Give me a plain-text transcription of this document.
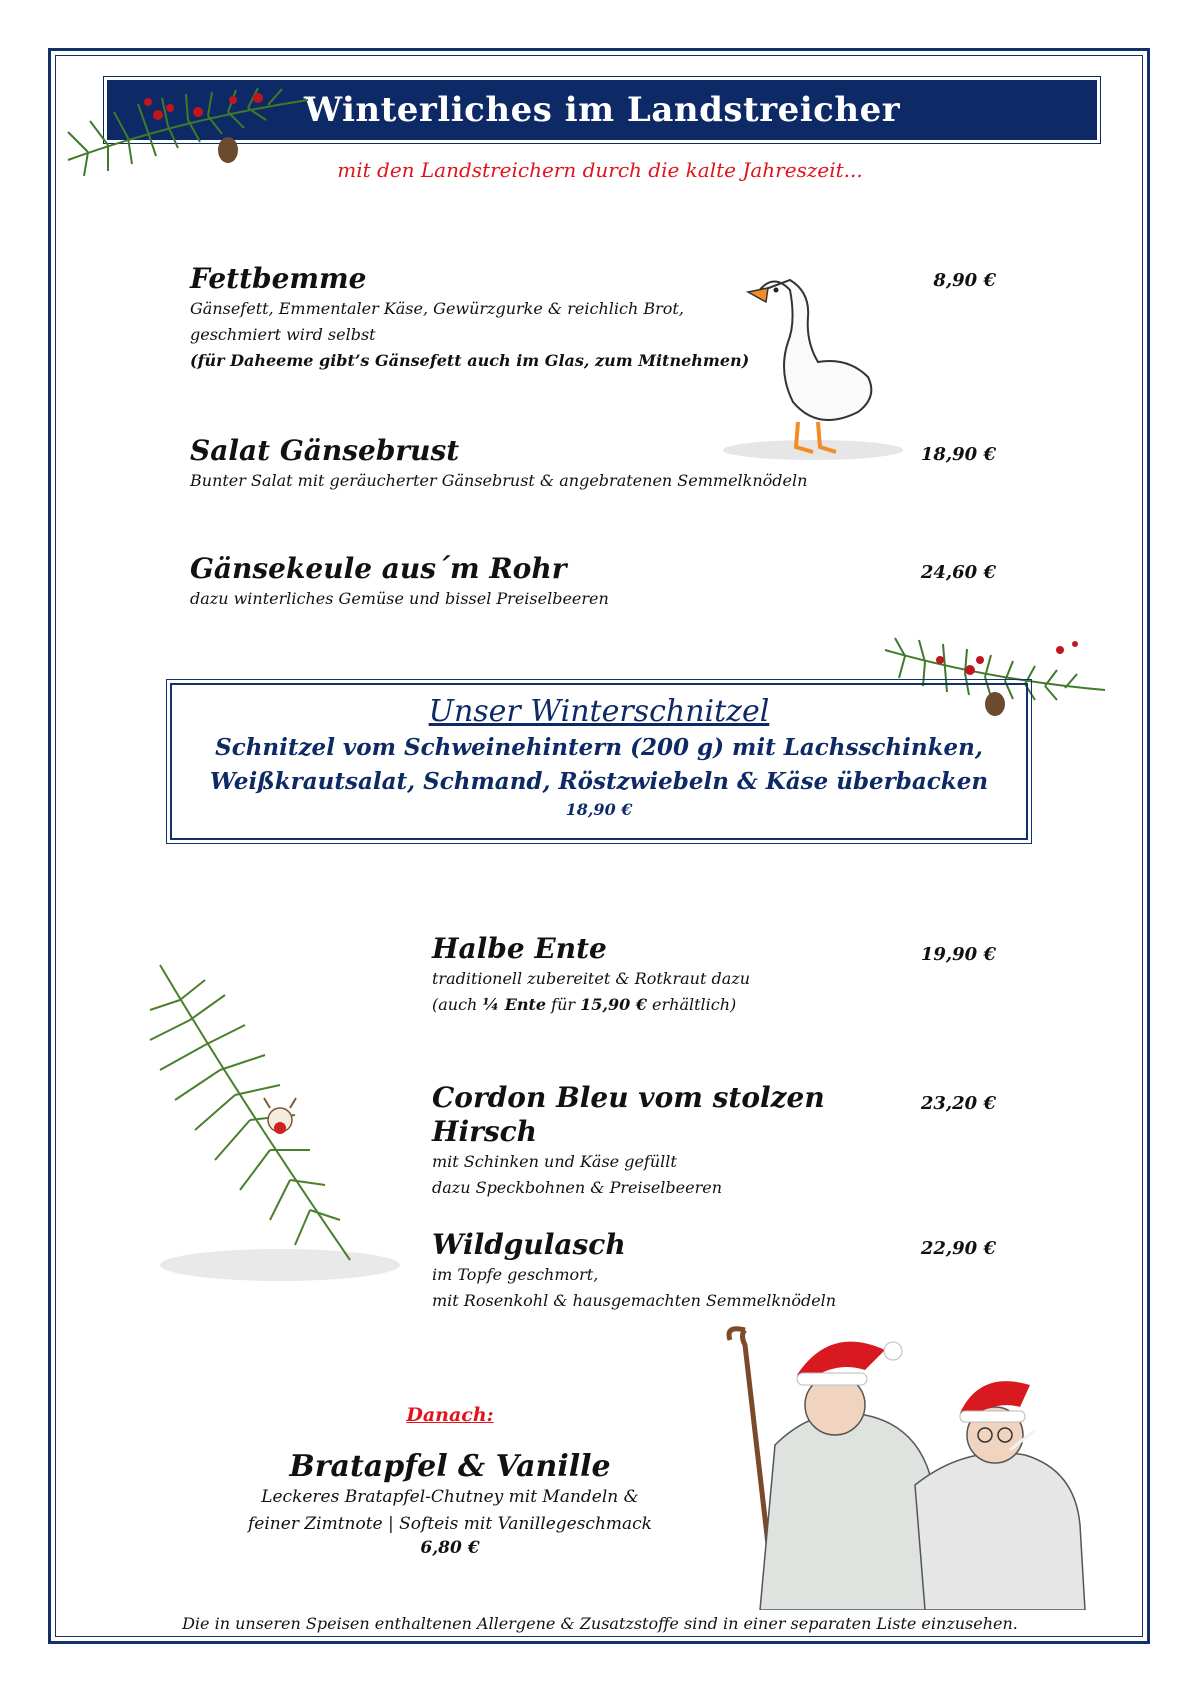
Winterliches im Landstreicher
mit den Landstreichern durch die kalte Jahreszeit...
Fettbemme
Gänsefett, Emmentaler Käse, Gewürzgurke & reichlich Brot,
geschmiert wird selbst
(für Daheeme gibt’s Gänsefett auch im Glas, zum Mitnehmen)
8,90 €
Salat Gänsebrust
Bunter Salat mit geräucherter Gänsebrust & angebratenen Semmelknödeln
18,90 €
Gänsekeule aus´m Rohr
dazu winterliches Gemüse und bissel Preiselbeeren
24,60 €
Unser Winterschnitzel
Schnitzel vom Schweinehintern (200 g) mit Lachsschinken,
Weißkrautsalat, Schmand, Röstzwiebeln & Käse überbacken
18,90 €
Halbe Ente
traditionell zubereitet & Rotkraut dazu
(auch ¼ Ente für 15,90 € erhältlich)
19,90 €
Cordon Bleu vom stolzen Hirsch
mit Schinken und Käse gefüllt
dazu Speckbohnen & Preiselbeeren
23,20 €
Wildgulasch
im Topfe geschmort,
mit Rosenkohl & hausgemachten Semmelknödeln
22,90 €
Danach:
Bratapfel & Vanille
Leckeres Bratapfel-Chutney mit Mandeln &
feiner Zimtnote | Softeis mit Vanillegeschmack
6,80 €
Die in unseren Speisen enthaltenen Allergene & Zusatzstoffe sind in einer separaten Liste einzusehen.
